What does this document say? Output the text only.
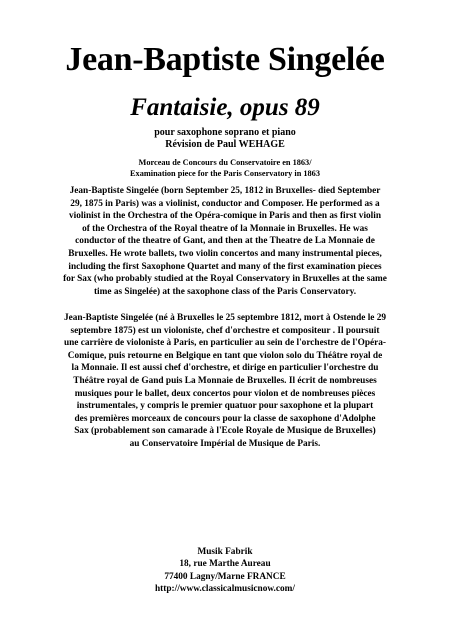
Jean-Baptiste Singelée
Fantaisie, opus 89
pour saxophone soprano et piano
Révision de Paul WEHAGE
Morceau de Concours du Conservatoire en 1863/
Examination piece for the Paris Conservatory in 1863
Jean-Baptiste Singelée (born September 25, 1812 in Bruxelles- died September
29, 1875 in Paris) was a violinist, conductor and Composer. He performed as a
violinist in the Orchestra of the Opéra-comique in Paris and then as first violin
of the Orchestra of the Royal theatre of la Monnaie in Bruxelles. He was
conductor of the theatre of Gant, and then at the Theatre de La Monnaie de
Bruxelles. He wrote ballets, two violin concertos and many instrumental pieces,
including the first Saxophone Quartet and many of the first examination pieces
for Sax (who probably studied at the Royal Conservatory in Bruxelles at the same
time as Singelée) at the saxophone class of the Paris Conservatory.
Jean-Baptiste Singelée (né à Bruxelles le 25 septembre 1812, mort à Ostende le 29
septembre 1875) est un violoniste, chef d'orchestre et compositeur . Il poursuit
une carrière de violoniste à Paris, en particulier au sein de l'orchestre de l'Opéra-
Comique, puis retourne en Belgique en tant que violon solo du Théâtre royal de
la Monnaie. Il est aussi chef d'orchestre, et dirige en particulier l'orchestre du
Théâtre royal de Gand puis La Monnaie de Bruxelles. Il écrit de nombreuses
musiques pour le ballet, deux concertos pour violon et de nombreuses pièces
instrumentales, y compris le premier quatuor pour saxophone et la plupart
des premières morceaux de concours pour la classe de saxophone d'Adolphe
Sax (probablement son camarade à l'Ecole Royale de Musique de Bruxelles)
au Conservatoire Impérial de Musique de Paris.
Musik Fabrik
18, rue Marthe Aureau
77400 Lagny/Marne FRANCE
http://www.classicalmusicnow.com/
